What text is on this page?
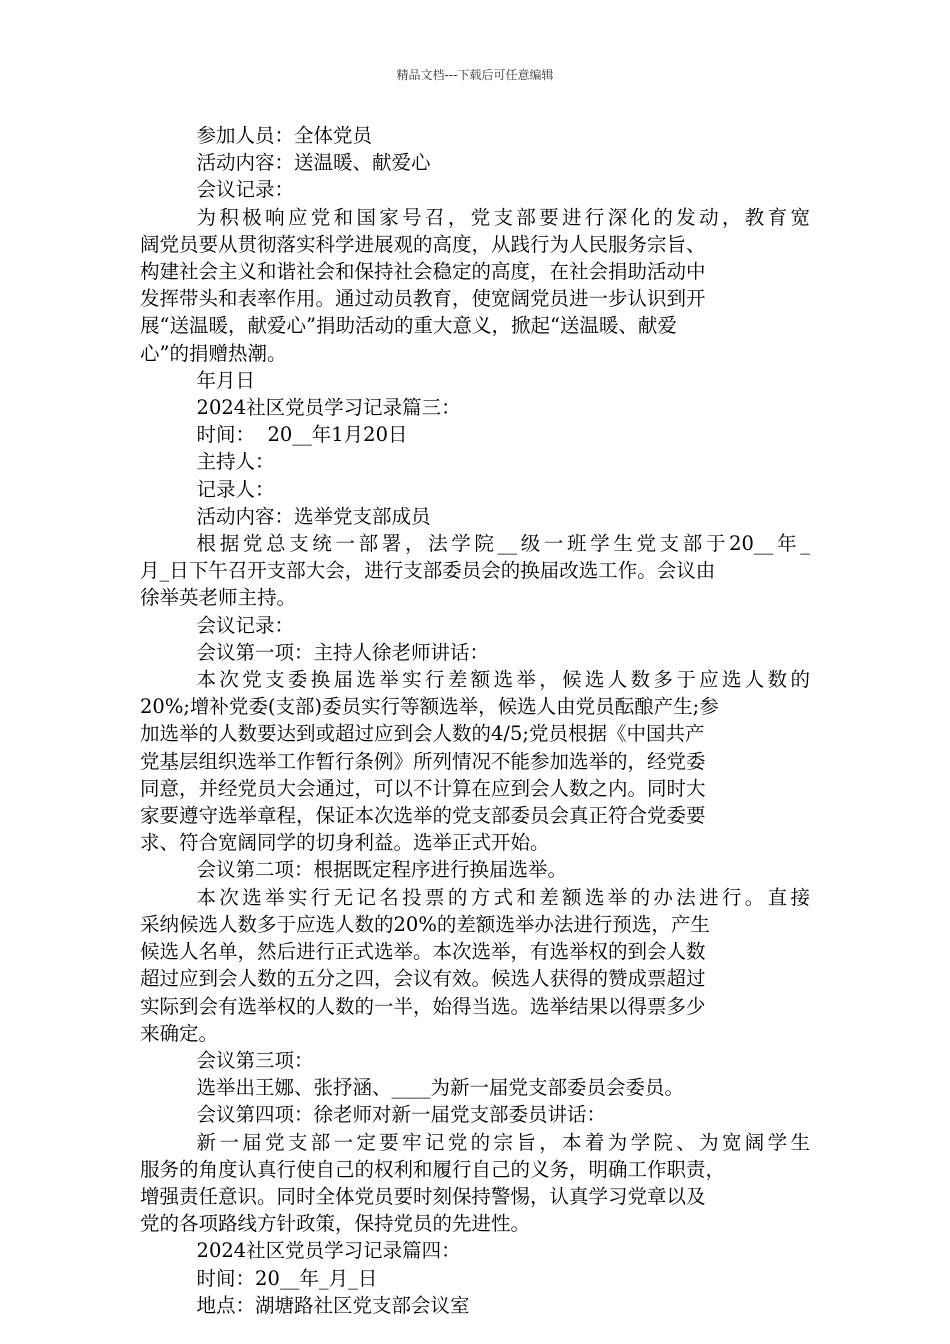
精品文档---下载后可任意编辑

参加人员：全体党员

活动内容：送温暖、献爱心

会议记录：

为积极响应党和国家号召，党支部要进行深化的发动，教育宽

阔党员要从贯彻落实科学进展观的高度，从践行为人民服务宗旨、

构建社会主义和谐社会和保持社会稳定的高度，在社会捐助活动中

发挥带头和表率作用。通过动员教育，使宽阔党员进一步认识到开

展“送温暖，献爱心”捐助活动的重大意义，掀起“送温暖、献爱

心”的捐赠热潮。

年月日

2024社区党员学习记录篇三：

时间：  20__年1月20日

主持人：

记录人：

活动内容：选举党支部成员

根据党总支统一部署，法学院__级一班学生党支部于20__年_

月_日下午召开支部大会，进行支部委员会的换届改选工作。会议由

徐举英老师主持。

会议记录：

会议第一项：主持人徐老师讲话：

本次党支委换届选举实行差额选举，候选人数多于应选人数的

20%;增补党委(支部)委员实行等额选举，候选人由党员酝酿产生;参

加选举的人数要达到或超过应到会人数的4/5;党员根据《中国共产

党基层组织选举工作暂行条例》所列情况不能参加选举的，经党委

同意，并经党员大会通过，可以不计算在应到会人数之内。同时大

家要遵守选举章程，保证本次选举的党支部委员会真正符合党委要

求、符合宽阔同学的切身利益。选举正式开始。

会议第二项：根据既定程序进行换届选举。

本次选举实行无记名投票的方式和差额选举的办法进行。直接

采纳候选人数多于应选人数的20%的差额选举办法进行预选，产生

候选人名单，然后进行正式选举。本次选举，有选举权的到会人数

超过应到会人数的五分之四，会议有效。候选人获得的赞成票超过

实际到会有选举权的人数的一半，始得当选。选举结果以得票多少

来确定。

会议第三项：

选举出王娜、张抒涵、____为新一届党支部委员会委员。

会议第四项：徐老师对新一届党支部委员讲话：

新一届党支部一定要牢记党的宗旨，本着为学院、为宽阔学生

服务的角度认真行使自己的权利和履行自己的义务，明确工作职责，

增强责任意识。同时全体党员要时刻保持警惕，认真学习党章以及

党的各项路线方针政策，保持党员的先进性。

2024社区党员学习记录篇四：

时间：20__年_月_日

地点：湖塘路社区党支部会议室
